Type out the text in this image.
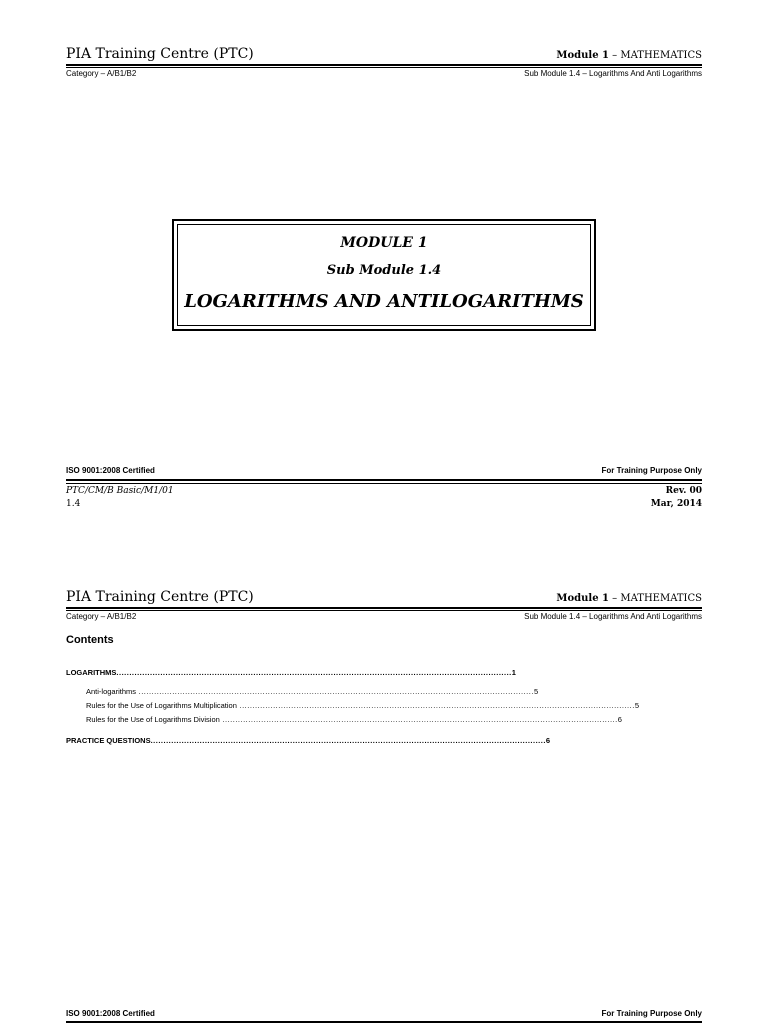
PIA Training Centre (PTC)	Module 1 – MATHEMATICS
Category – A/B1/B2	Sub Module 1.4 – Logarithms And Anti Logarithms
MODULE 1
Sub Module 1.4
LOGARITHMS AND ANTILOGARITHMS
ISO 9001:2008 Certified	For Training Purpose Only
PTC/CM/B Basic/M1/01
1.4
Rev. 00
Mar, 2014
PIA Training Centre (PTC)	Module 1 – MATHEMATICS
Category – A/B1/B2	Sub Module 1.4 – Logarithms And Anti Logarithms
Contents
LOGARITHMS ......................................................................................................................................................... 1
Anti-logarithms ......................................................................................................................................................... 5
Rules for the Use of Logarithms Multiplication ......................................................................................................................................................... 5
Rules for the Use of Logarithms Division ......................................................................................................................................................... 6
PRACTICE QUESTIONS ......................................................................................................................................................... 6
ISO 9001:2008 Certified	For Training Purpose Only
